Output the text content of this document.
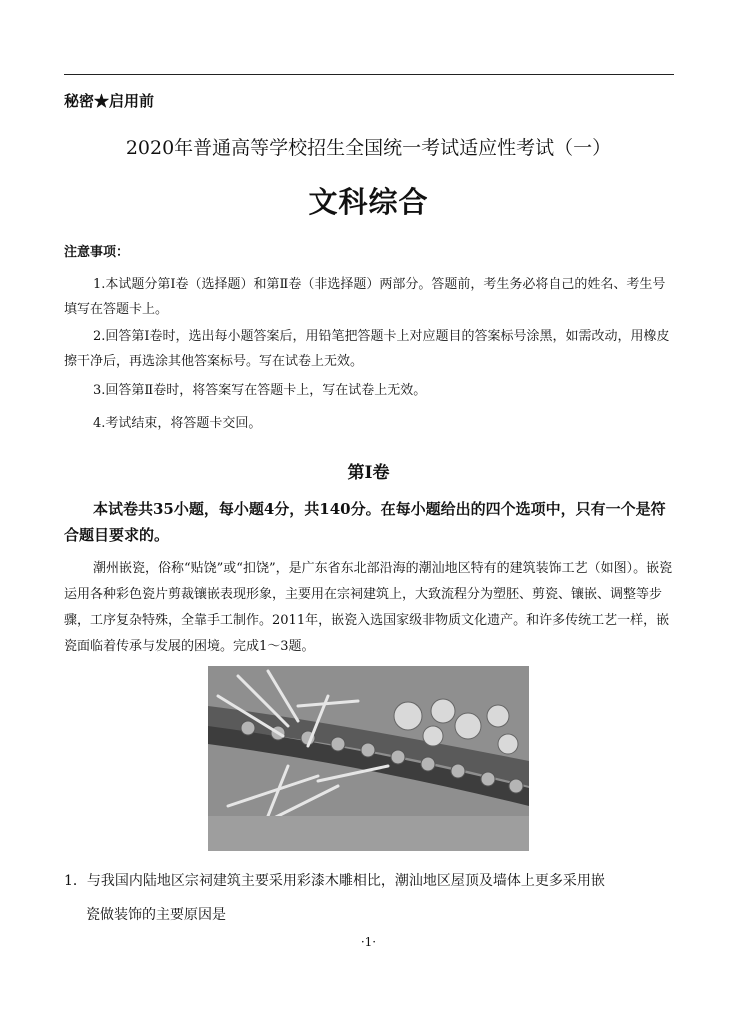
秘密★启用前
2020年普通高等学校招生全国统一考试适应性考试（一）
文科综合
注意事项：
1.本试题分第Ⅰ卷（选择题）和第Ⅱ卷（非选择题）两部分。答题前，考生务必将自己的姓名、考生号填写在答题卡上。
2.回答第Ⅰ卷时，选出每小题答案后，用铅笔把答题卡上对应题目的答案标号涂黑，如需改动，用橡皮擦干净后，再选涂其他答案标号。写在试卷上无效。
3.回答第Ⅱ卷时，将答案写在答题卡上，写在试卷上无效。
4.考试结束，将答题卡交回。
第Ⅰ卷
本试卷共35小题，每小题4分，共140分。在每小题给出的四个选项中，只有一个是符合题目要求的。
潮州嵌瓷，俗称“贴饶”或“扣饶”，是广东省东北部沿海的潮汕地区特有的建筑装饰工艺（如图）。嵌瓷运用各种彩色瓷片剪裁镶嵌表现形象，主要用在宗祠建筑上，大致流程分为塑胚、剪瓷、镶嵌、调整等步骤，工序复杂特殊，全靠手工制作。2011年，嵌瓷入选国家级非物质文化遗产。和许多传统工艺一样，嵌瓷面临着传承与发展的困境。完成1～3题。
1．与我国内陆地区宗祠建筑主要采用彩漆木雕相比，潮汕地区屋顶及墙体上更多采用嵌
瓷做装饰的主要原因是
·1·
